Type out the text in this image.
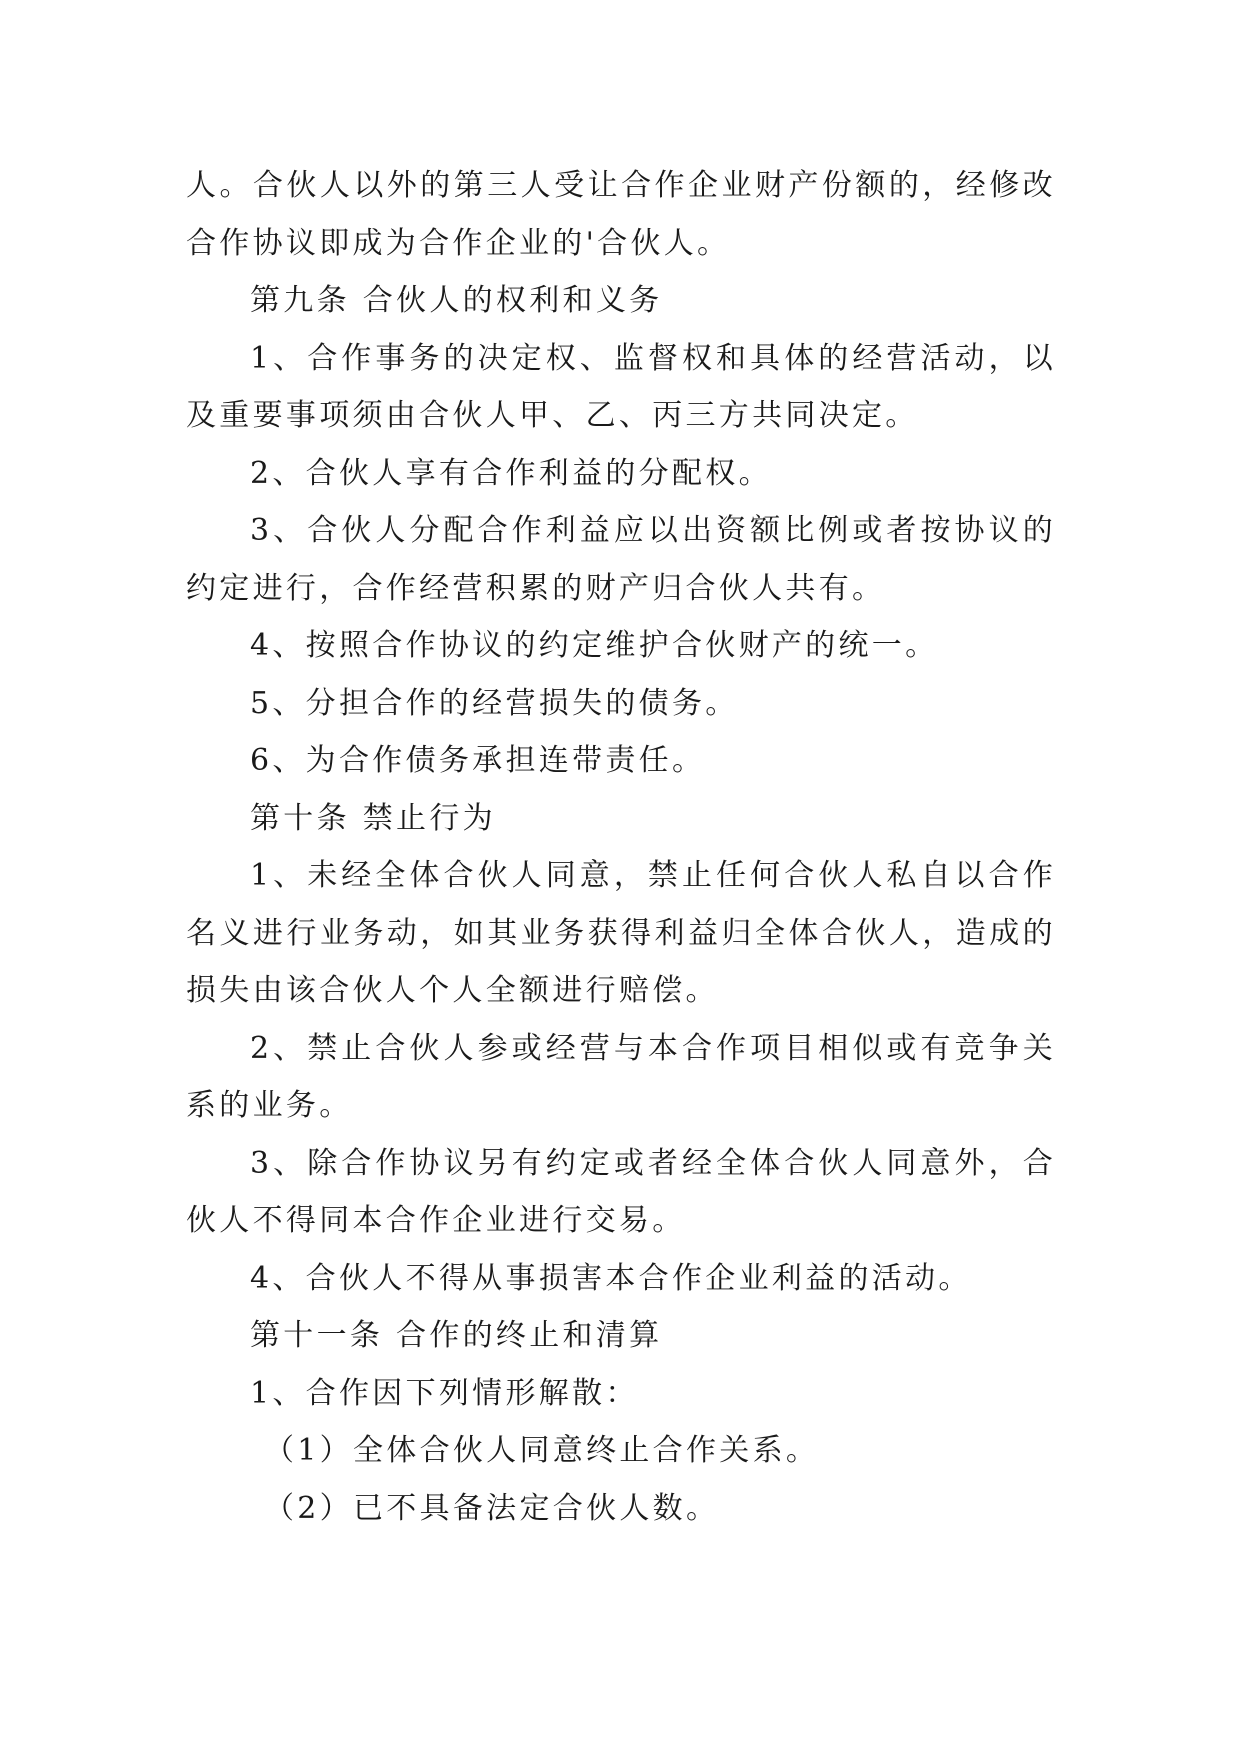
人。合伙人以外的第三人受让合作企业财产份额的，经修改合作协议即成为合作企业的'合伙人。

第九条 合伙人的权利和义务

1、合作事务的决定权、监督权和具体的经营活动，以及重要事项须由合伙人甲、乙、丙三方共同决定。

2、合伙人享有合作利益的分配权。

3、合伙人分配合作利益应以出资额比例或者按协议的约定进行，合作经营积累的财产归合伙人共有。

4、按照合作协议的约定维护合伙财产的统一。

5、分担合作的经营损失的债务。

6、为合作债务承担连带责任。

第十条 禁止行为

1、未经全体合伙人同意，禁止任何合伙人私自以合作名义进行业务动，如其业务获得利益归全体合伙人，造成的损失由该合伙人个人全额进行赔偿。

2、禁止合伙人参或经营与本合作项目相似或有竞争关系的业务。

3、除合作协议另有约定或者经全体合伙人同意外，合伙人不得同本合作企业进行交易。

4、合伙人不得从事损害本合作企业利益的活动。

第十一条 合作的终止和清算

1、合作因下列情形解散：

（1）全体合伙人同意终止合作关系。

（2）已不具备法定合伙人数。
